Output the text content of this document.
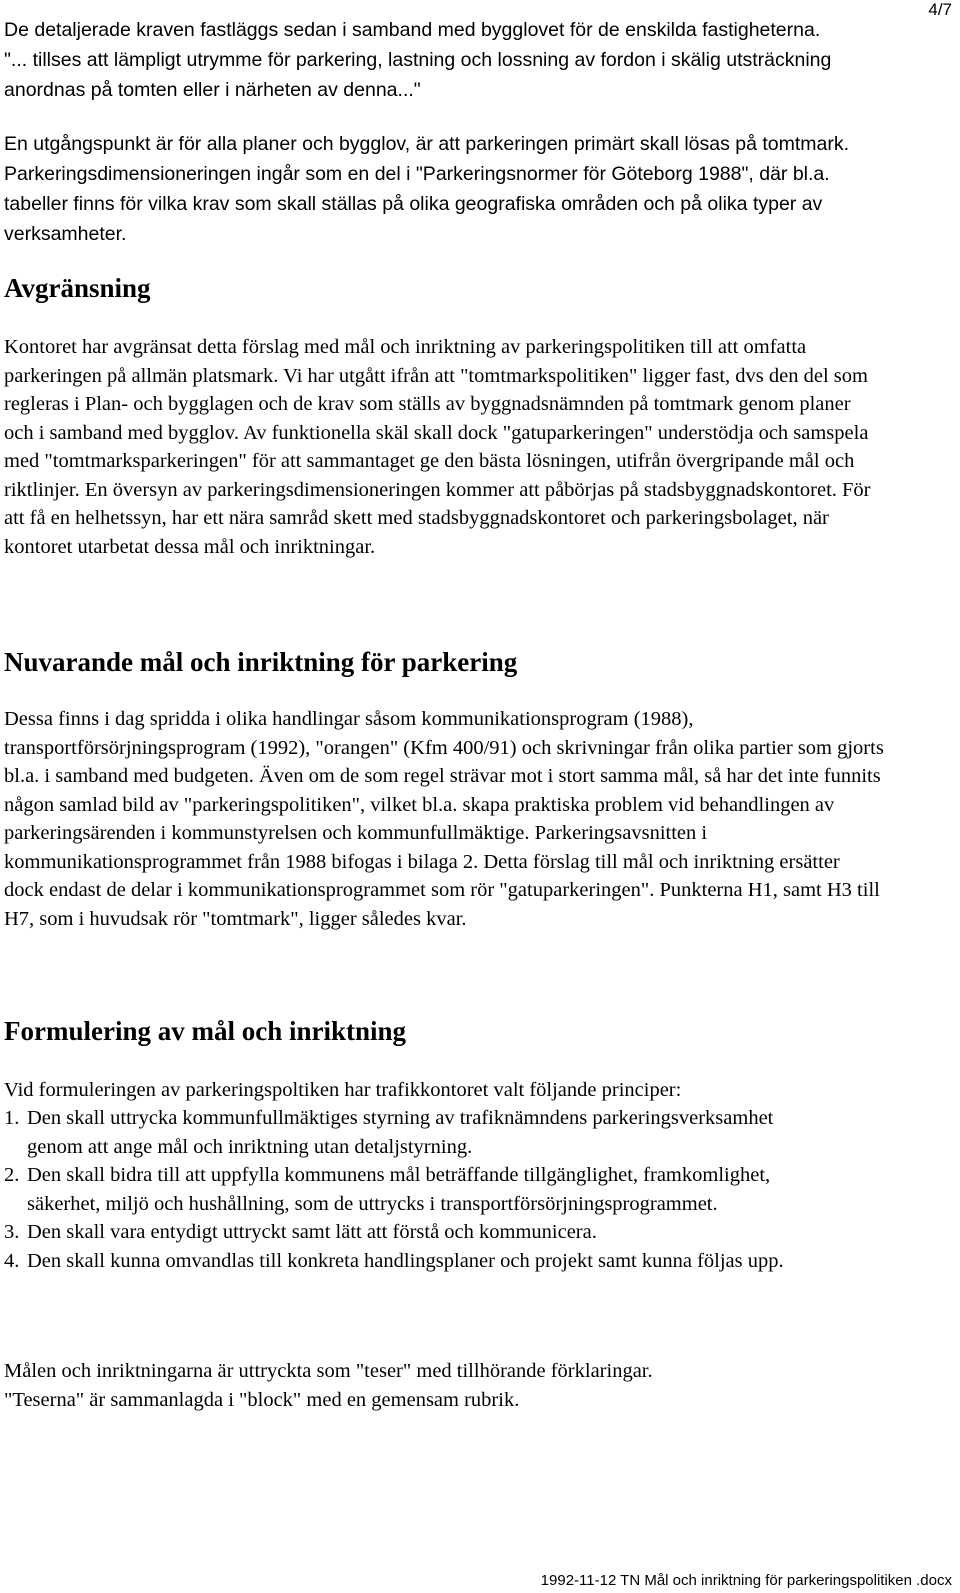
4/7

De detaljerade kraven fastläggs sedan i samband med bygglovet för de enskilda fastigheterna. "... tillses att lämpligt utrymme för parkering, lastning och lossning av fordon i skälig utsträckning anordnas på tomten eller i närheten av denna..."

En utgångspunkt är för alla planer och bygglov, är att parkeringen primärt skall lösas på tomtmark. Parkeringsdimensioneringen ingår som en del i "Parkeringsnormer för Göteborg 1988", där bl.a. tabeller finns för vilka krav som skall ställas på olika geografiska områden och på olika typer av verksamheter.

Avgränsning

Kontoret har avgränsat detta förslag med mål och inriktning av parkeringspolitiken till att omfatta parkeringen på allmän platsmark. Vi har utgått ifrån att "tomtmarkspolitiken" ligger fast, dvs den del som regleras i Plan- och bygglagen och de krav som ställs av byggnadsnämnden på tomtmark genom planer och i samband med bygglov. Av funktionella skäl skall dock "gatuparkeringen" understödja och samspela med "tomtmarksparkeringen" för att sammantaget ge den bästa lösningen, utifrån övergripande mål och riktlinjer. En översyn av parkeringsdimensioneringen kommer att påbörjas på stadsbyggnadskontoret. För att få en helhetssyn, har ett nära samråd skett med stadsbyggnadskontoret och parkeringsbolaget, när kontoret utarbetat dessa mål och inriktningar.

Nuvarande mål och inriktning för parkering

Dessa finns i dag spridda i olika handlingar såsom kommunikationsprogram (1988), transportförsörjningsprogram (1992), "orangen" (Kfm 400/91) och skrivningar från olika partier som gjorts bl.a. i samband med budgeten. Även om de som regel strävar mot i stort samma mål, så har det inte funnits någon samlad bild av "parkeringspolitiken", vilket bl.a. skapa praktiska problem vid behandlingen av parkeringsärenden i kommunstyrelsen och kommunfullmäktige. Parkeringsavsnitten i kommunikationsprogrammet från 1988 bifogas i bilaga 2. Detta förslag till mål och inriktning ersätter dock endast de delar i kommunikationsprogrammet som rör "gatuparkeringen". Punkterna H1, samt H3 till H7, som i huvudsak rör "tomtmark", ligger således kvar.

Formulering av mål och inriktning

Vid formuleringen av parkeringspoltiken har trafikkontoret valt följande principer:

1. Den skall uttrycka kommunfullmäktiges styrning av trafiknämndens parkeringsverksamhet genom att ange mål och inriktning utan detaljstyrning.
2. Den skall bidra till att uppfylla kommunens mål beträffande tillgänglighet, framkomlighet, säkerhet, miljö och hushållning, som de uttrycks i transportförsörjningsprogrammet.
3. Den skall vara entydigt uttryckt samt lätt att förstå och kommunicera.
4. Den skall kunna omvandlas till konkreta handlingsplaner och projekt samt kunna följas upp.

Målen och inriktningarna är uttryckta som "teser" med tillhörande förklaringar.
"Teserna" är sammanlagda i "block" med en gemensam rubrik.

1992-11-12 TN Mål och inriktning för parkeringspolitiken .docx
